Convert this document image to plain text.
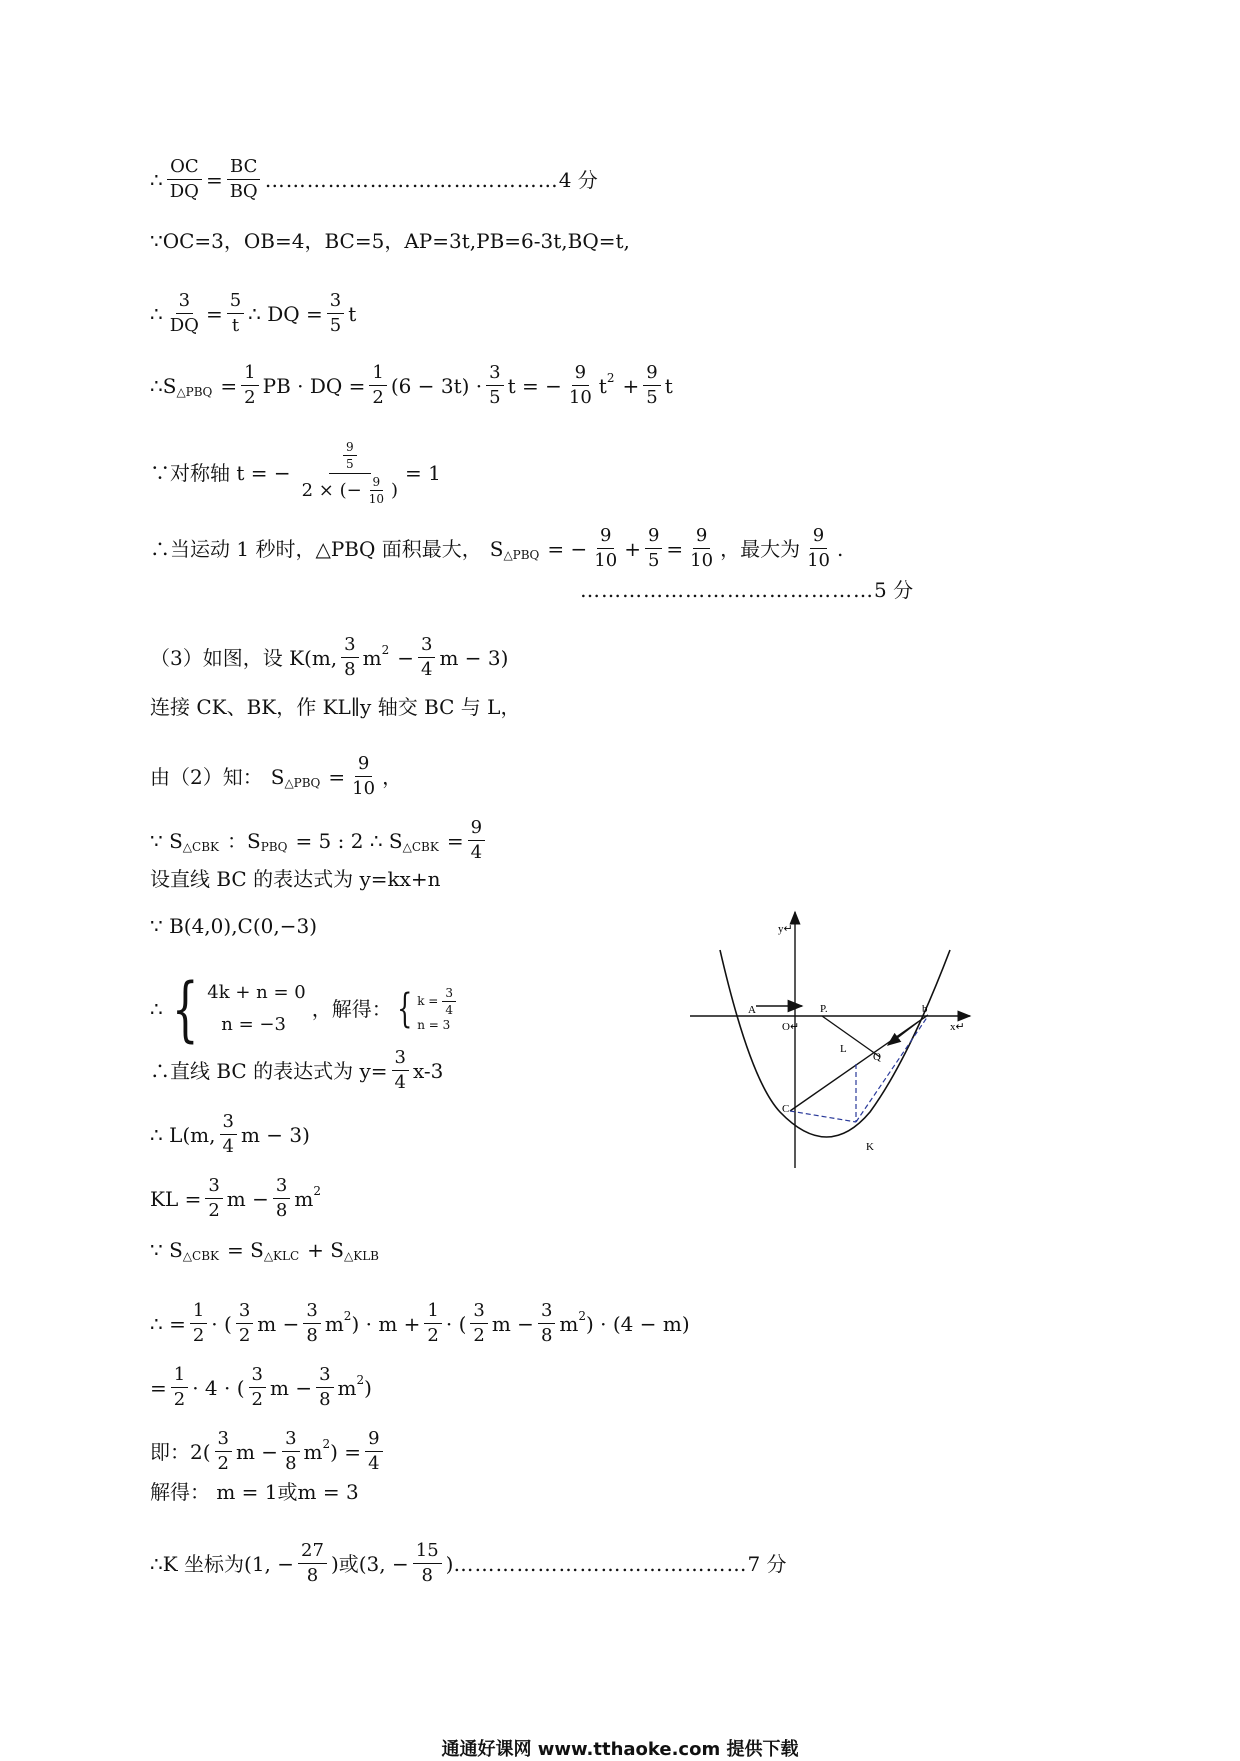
∴ $\frac{OC}{DQ} = \frac{BC}{BQ}$ …………………………………… 4 分
∵OC=3，OB=4，BC=5，AP=3t,PB=6-3t,BQ=t,
∴ $\frac{3}{DQ} = \frac{5}{t}$ ∴ DQ = $\frac{3}{5}$ t
∴S △PBQ = $\frac{1}{2}$ PB · DQ = $\frac{1}{2} (6 - 3t) \cdot \frac{3}{5}$ t = − $\frac{9}{10}$ t $2 + \frac{9}{5}$ t
∵对称轴 t = − $\frac{\frac{9}{5}}{2 \times (- \frac{9}{10} )} = 1$
∴当运动 1 秒时，△PBQ 面积最大， S △PBQ = − $\frac{9}{10} + \frac{9}{5} = \frac{9}{10}$ ，最大为 $\frac{9}{10}$ .
…………………………………… 5 分
（3）如图，设 K(m, $\frac{3}{8}$ m $2 - \frac{3}{4}$ m − 3)
连接 CK、BK，作 KL∥y 轴交 BC 与 L，
由（2）知： S △PBQ = $\frac{9}{10}$ ，
∵ S △CBK ：S PBQ = 5 : 2 ∴ S △CBK = $\frac{9}{4}$
设直线 BC 的表达式为 y=kx+n
∵ B(4,0),C(0,−3)
∴ { 4k + n = 0
n = −3
，解得： { $k = \frac{3}{4}$
n = 3
∴直线 BC 的表达式为 $y= \frac{3}{4} x-3$
∴ L(m, $\frac{3}{4}$ m − 3)
KL = $\frac{3}{2}$ $m - \frac{3}{8}$ m 2
∵ S △CBK = S △KLC + S △KLB
∴ = $\frac{1}{2}$ · ( $\frac{3}{2}$ $m - \frac{3}{8}$ m 2 ) · $m + \frac{1}{2}$ · ( $\frac{3}{2}$ $m - \frac{3}{8}$ m 2 ) · (4 − m)
= $\frac{1}{2} \cdot 4$ · ( $\frac{3}{2}$ $m - \frac{3}{8}$ m 2 )
即： $2( \frac{3}{2}$ $m - \frac{3}{8}$ m 2 ) = $\frac{9}{4}$
解得： m = 1或m = 3
∴K 坐标为(1, − $\frac{27}{8}$ )或(3, − $\frac{15}{8}$ ) …………………………………… 7 分
y↵
x↵
A
O↵
P.	b
L
Q
C
K
通通好课网 www.tthaoke.com 提供下载
